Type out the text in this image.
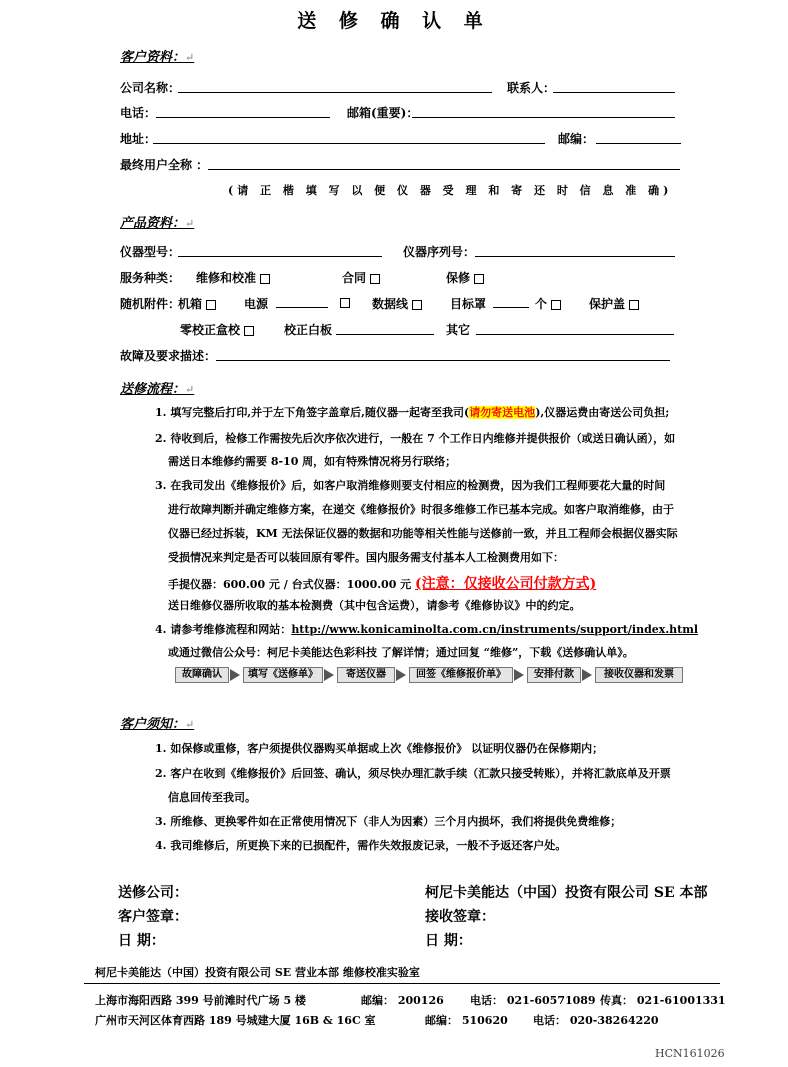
送 修 确 认 单
客户资料：↵
公司名称：	联系人：
电话：	邮箱(重要)：
地址：	邮编：
最终用户全称 ：
(请 正 楷 填 写 以 便 仪 器 受 理 和 寄 还 时 信 息 准 确)
产品资料：↵
仪器型号：	仪器序列号：
服务种类： 维修和校准	合同	保修
随机附件：
机箱	电源	数据线	目标罩	个	保护盖
零校正盒校	校正白板	其它
故障及要求描述：
送修流程：↵
1. 填写完整后打印,并于左下角签字盖章后,随仪器一起寄至我司(请勿寄送电池),仪器运费由寄送公司负担;
2. 待收到后，检修工作需按先后次序依次进行，一般在 7 个工作日内维修并提供报价（或送日确认函），如
需送日本维修约需要 8-10 周，如有特殊情况将另行联络；
3. 在我司发出《维修报价》后，如客户取消维修则要支付相应的检测费，因为我们工程师要花大量的时间
进行故障判断并确定维修方案，在递交《维修报价》时很多维修工作已基本完成。如客户取消维修，由于
仪器已经过拆装，KM 无法保证仪器的数据和功能等相关性能与送修前一致，并且工程师会根据仪器实际
受损情况来判定是否可以装回原有零件。国内服务需支付基本人工检测费用如下：
手提仪器：600.00 元 / 台式仪器：1000.00 元 (注意：仅接收公司付款方式)
送日维修仪器所收取的基本检测费（其中包含运费），请参考《维修协议》中的约定。
4. 请参考维修流程和网站：http://www.konicaminolta.com.cn/instruments/support/index.html
或通过微信公众号：柯尼卡美能达色彩科技 了解详情；通过回复 “维修”，下载《送修确认单》。
故障确认	填写《送修单》	寄送仪器	回签《维修报价单》	安排付款	接收仪器和发票
客户须知：↵
1. 如保修或重修，客户须提供仪器购买单据或上次《维修报价》 以证明仪器仍在保修期内；
2. 客户在收到《维修报价》后回签、确认，须尽快办理汇款手续（汇款只接受转账），并将汇款底单及开票
信息回传至我司。
3. 所维修、更换零件如在正常使用情况下（非人为因素）三个月内损坏，我们将提供免费维修；
4. 我司维修后，所更换下来的已损配件，需作失效报废记录，一般不予返还客户处。
送修公司：	柯尼卡美能达（中国）投资有限公司 SE 本部
客户签章：	接收签章：
日 期：	日 期：
柯尼卡美能达（中国）投资有限公司 SE 营业本部 维修校准实验室
上海市海阳西路 399 号前滩时代广场 5 楼	邮编： 200126 电话： 021-60571089 传真： 021-61001331
广州市天河区体育西路 189 号城建大厦 16B & 16C 室	邮编： 510620 电话： 020-38264220
HCN161026
